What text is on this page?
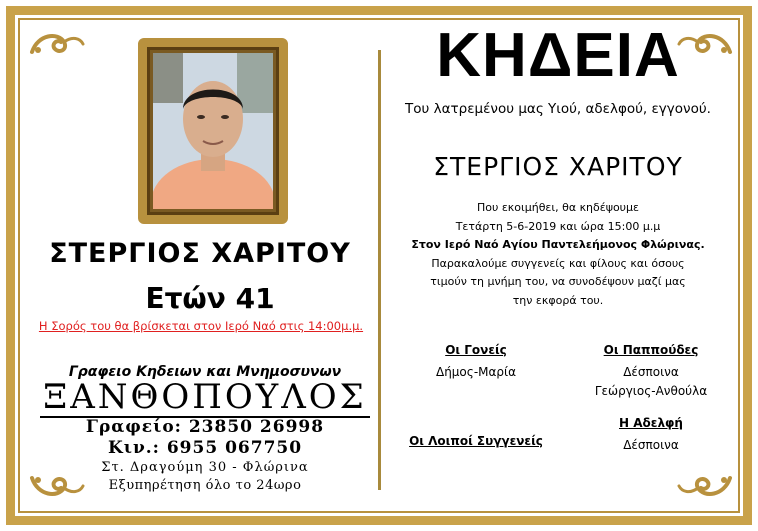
ΣΤΕΡΓΙΟΣ ΧΑΡΙΤΟΥ
Ετών 41
Η Σορός του θα βρίσκεται στον Ιερό Ναό στις 14:00μ.μ.
Γραφειο Κηδειων και Μνημοσυνων
ΞΑΝΘΟΠΟΥΛΟΣ
Γραφείο: 23850 26998
Κιν.: 6955 067750
Στ. Δραγούμη 30 - Φλώρινα
Εξυπηρέτηση όλο το 24ωρο
ΚΗΔΕΙΑ
Του λατρεμένου μας Υιού, αδελφού, εγγονού.
ΣΤΕΡΓΙΟΣ ΧΑΡΙΤΟΥ
Που εκοιμήθει, θα κηδέψουμε
Τετάρτη 5-6-2019 και ώρα 15:00 μ.μ
Στον Ιερό Ναό Αγίου Παντελεήμονος Φλώρινας.
Παρακαλούμε συγγενείς και φίλους και όσους
τιμούν τη μνήμη του, να συνοδέψουν μαζί μας
την εκφορά του.
Οι Γονείς
Δήμος-Μαρία
Οι Παππούδες
Δέσποινα
Γεώργιος-Ανθούλα
Οι Λοιποί Συγγενείς
Η Αδελφή
Δέσποινα
